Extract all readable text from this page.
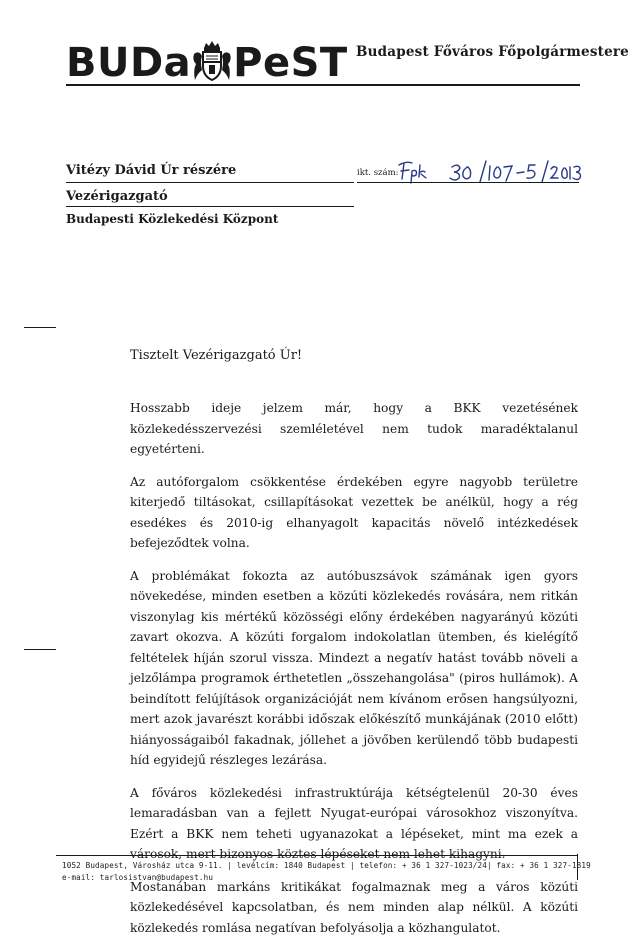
BUDa PeST Budapest Főváros Főpolgármestere
Vitézy Dávid Úr részére
Vezérigazgató
Budapesti Közlekedési Központ
ikt. szám:
Tisztelt Vezérigazgató Úr!

Hosszabb ideje jelzem már, hogy a BKK vezetésének közlekedésszervezési szemléletével nem tudok maradéktalanul egyetérteni.

Az autóforgalom csökkentése érdekében egyre nagyobb területre kiterjedő tiltásokat, csillapításokat vezettek be anélkül, hogy a rég esedékes és 2010-ig elhanyagolt kapacitás növelő intézkedések befejeződtek volna.

A problémákat fokozta az autóbuszsávok számának igen gyors növekedése, minden esetben a közúti közlekedés rovására, nem ritkán viszonylag kis mértékű közösségi előny érdekében nagyarányú közúti zavart okozva. A közúti forgalom indokolatlan ütemben, és kielégítő feltételek híján szorul vissza. Mindezt a negatív hatást tovább növeli a jelzőlámpa programok érthetetlen „összehangolása" (piros hullámok). A beindított felújítások organizációját nem kívánom erősen hangsúlyozni, mert azok javarészt korábbi időszak előkészítő munkájának (2010 előtt) hiányosságaiból fakadnak, jóllehet a jövőben kerülendő több budapesti híd egyidejű részleges lezárása.

A főváros közlekedési infrastruktúrája kétségtelenül 20-30 éves lemaradásban van a fejlett Nyugat-európai városokhoz viszonyítva. Ezért a BKK nem teheti ugyanazokat a lépéseket, mint ma ezek a városok, mert bizonyos köztes lépéseket nem lehet kihagyni.

Mostanában markáns kritikákat fogalmaznak meg a város közúti közlekedésével kapcsolatban, és nem minden alap nélkül. A közúti közlekedés romlása negatívan befolyásolja a közhangulatot.

1052 Budapest, Városház utca 9-11. | levélcím: 1840 Budapest | telefon: + 36 1 327-1023/24| fax: + 36 1 327-1819
e-mail: tarlosistvan@budapest.hu
